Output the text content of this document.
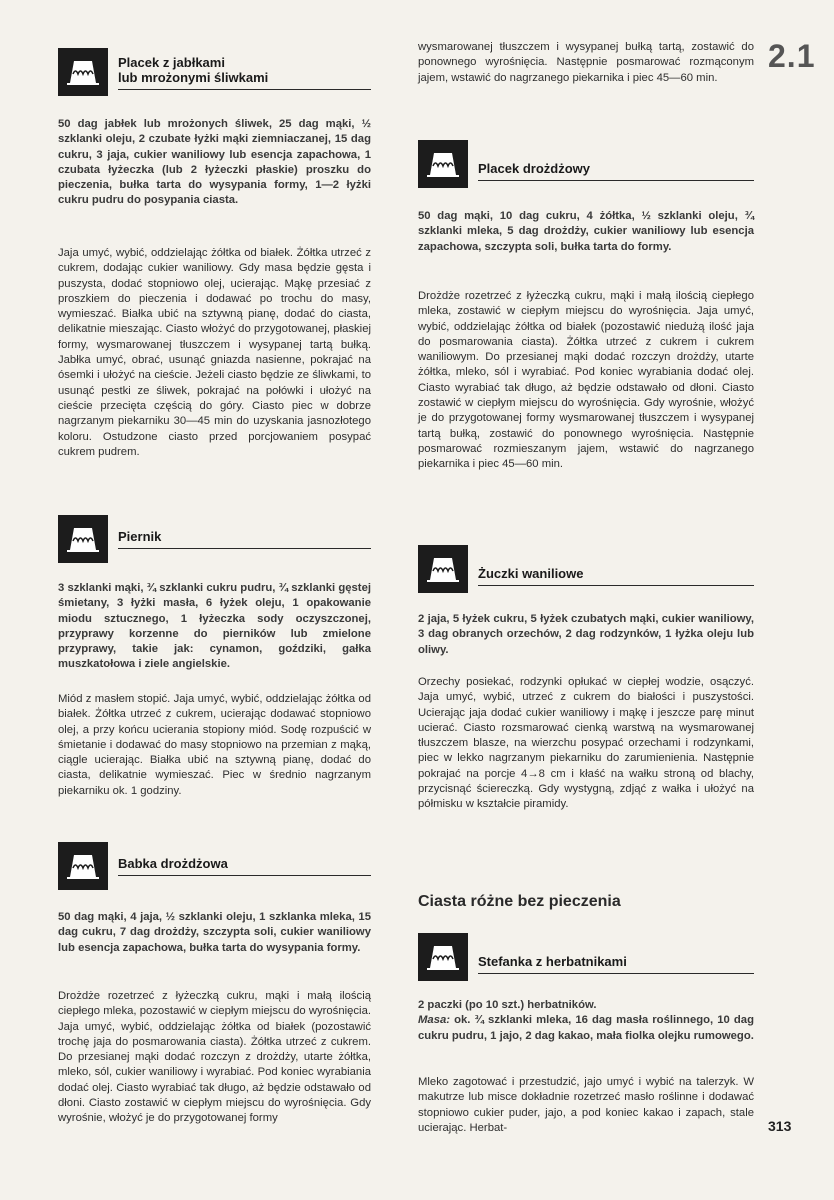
2.1
313
Placek z jabłkami
lub mrożonymi śliwkami
50 dag jabłek lub mrożonych śliwek, 25 dag mąki, ½ szklanki oleju, 2 czubate łyżki mąki ziemniaczanej, 15 dag cukru, 3 jaja, cukier waniliowy lub esencja zapachowa, 1 czubata łyżeczka (lub 2 łyżeczki płaskie) proszku do pieczenia, bułka tarta do wysypania formy, 1—2 łyżki cukru pudru do posypania ciasta.

Jaja umyć, wybić, oddzielając żółtka od białek. Żółtka utrzeć z cukrem, dodając cukier waniliowy. Gdy masa będzie gęsta i puszysta, dodać stopniowo olej, ucierając. Mąkę przesiać z proszkiem do pieczenia i dodawać po trochu do masy, wymieszać. Białka ubić na sztywną pianę, dodać do ciasta, delikatnie mieszając. Ciasto włożyć do przygotowanej, płaskiej formy, wysmarowanej tłuszczem i wysypanej tartą bułką. Jabłka umyć, obrać, usunąć gniazda nasienne, pokrajać na ósemki i ułożyć na cieście. Jeżeli ciasto będzie ze śliwkami, to usunąć pestki ze śliwek, pokrajać na połówki i ułożyć na cieście przecięta częścią do góry. Ciasto piec w dobrze nagrzanym piekarniku 30—45 min do uzyskania jasnozłotego koloru. Ostudzone ciasto przed porcjowaniem posypać cukrem pudrem.

Piernik
3 szklanki mąki, ¾ szklanki cukru pudru, ¾ szklanki gęstej śmietany, 3 łyżki masła, 6 łyżek oleju, 1 opakowanie miodu sztucznego, 1 łyżeczka sody oczyszczonej, przyprawy korzenne do pierników lub zmielone przyprawy, takie jak: cynamon, goździki, gałka muszkatołowa i ziele angielskie.

Miód z masłem stopić. Jaja umyć, wybić, oddzielając żółtka od białek. Żółtka utrzeć z cukrem, ucierając dodawać stopniowo olej, a przy końcu ucierania stopiony miód. Sodę rozpuścić w śmietanie i dodawać do masy stopniowo na przemian z mąką, ciągle ucierając. Białka ubić na sztywną pianę, dodać do ciasta, delikatnie wymieszać. Piec w średnio nagrzanym piekarniku ok. 1 godziny.

Babka drożdżowa
50 dag mąki, 4 jaja, ½ szklanki oleju, 1 szklanka mleka, 15 dag cukru, 7 dag drożdży, szczypta soli, cukier waniliowy lub esencja zapachowa, bułka tarta do wysypania formy.

Drożdże rozetrzeć z łyżeczką cukru, mąki i małą ilością ciepłego mleka, pozostawić w ciepłym miejscu do wyrośnięcia. Jaja umyć, wybić, oddzielając żółtka od białek (pozostawić trochę jaja do posmarowania ciasta). Żółtka utrzeć z cukrem. Do przesianej mąki dodać rozczyn z drożdży, utarte żółtka, mleko, sól, cukier waniliowy i wyrabiać. Pod koniec wyrabiania dodać olej. Ciasto wyrabiać tak długo, aż będzie odstawało od dłoni. Ciasto zostawić w ciepłym miejscu do wyrośnięcia. Gdy wyrośnie, włożyć je do przygotowanej formy

wysmarowanej tłuszczem i wysypanej bułką tartą, zostawić do ponownego wyrośnięcia. Następnie posmarować rozmąconym jajem, wstawić do nagrzanego piekarnika i piec 45—60 min.

Placek drożdżowy
50 dag mąki, 10 dag cukru, 4 żółtka, ½ szklanki oleju, ¾ szklanki mleka, 5 dag drożdży, cukier waniliowy lub esencja zapachowa, szczypta soli, bułka tarta do formy.

Drożdże rozetrzeć z łyżeczką cukru, mąki i małą ilością ciepłego mleka, zostawić w ciepłym miejscu do wyrośnięcia. Jaja umyć, wybić, oddzielając żółtka od białek (pozostawić niedużą ilość jaja do posmarowania ciasta). Żółtka utrzeć z cukrem i cukrem waniliowym. Do przesianej mąki dodać rozczyn drożdży, utarte żółtka, mleko, sól i wyrabiać. Pod koniec wyrabiania dodać olej. Ciasto wyrabiać tak długo, aż będzie odstawało od dłoni. Ciasto zostawić w ciepłym miejscu do wyrośnięcia. Gdy wyrośnie, włożyć je do przygotowanej formy wysmarowanej tłuszczem i wysypanej tartą bułką, zostawić do ponownego wyrośnięcia. Następnie posmarować rozmieszanym jajem, wstawić do nagrzanego piekarnika i piec 45—60 min.

Żuczki waniliowe
2 jaja, 5 łyżek cukru, 5 łyżek czubatych mąki, cukier waniliowy, 3 dag obranych orzechów, 2 dag rodzynków, 1 łyżka oleju lub oliwy.

Orzechy posiekać, rodzynki opłukać w ciepłej wodzie, osączyć. Jaja umyć, wybić, utrzeć z cukrem do białości i puszystości. Ucierając jaja dodać cukier waniliowy i mąkę i jeszcze parę minut ucierać. Ciasto rozsmarować cienką warstwą na wysmarowanej tłuszczem blasze, na wierzchu posypać orzechami i rodzynkami, piec w lekko nagrzanym piekarniku do zarumienienia. Następnie pokrajać na porcje 4→8 cm i kłaść na wałku stroną od blachy, przycisnąć ściereczką. Gdy wystygną, zdjąć z wałka i ułożyć na półmisku w kształcie piramidy.

Ciasta różne bez pieczenia
Stefanka z herbatnikami
2 paczki (po 10 szt.) herbatników.
Masa: ok. ¾ szklanki mleka, 16 dag masła roślinnego, 10 dag cukru pudru, 1 jajo, 2 dag kakao, mała fiolka olejku rumowego.

Mleko zagotować i przestudzić, jajo umyć i wybić na talerzyk. W makutrze lub misce dokładnie rozetrzeć masło roślinne i dodawać stopniowo cukier puder, jajo, a pod koniec kakao i zapach, stale ucierając. Herbat-
